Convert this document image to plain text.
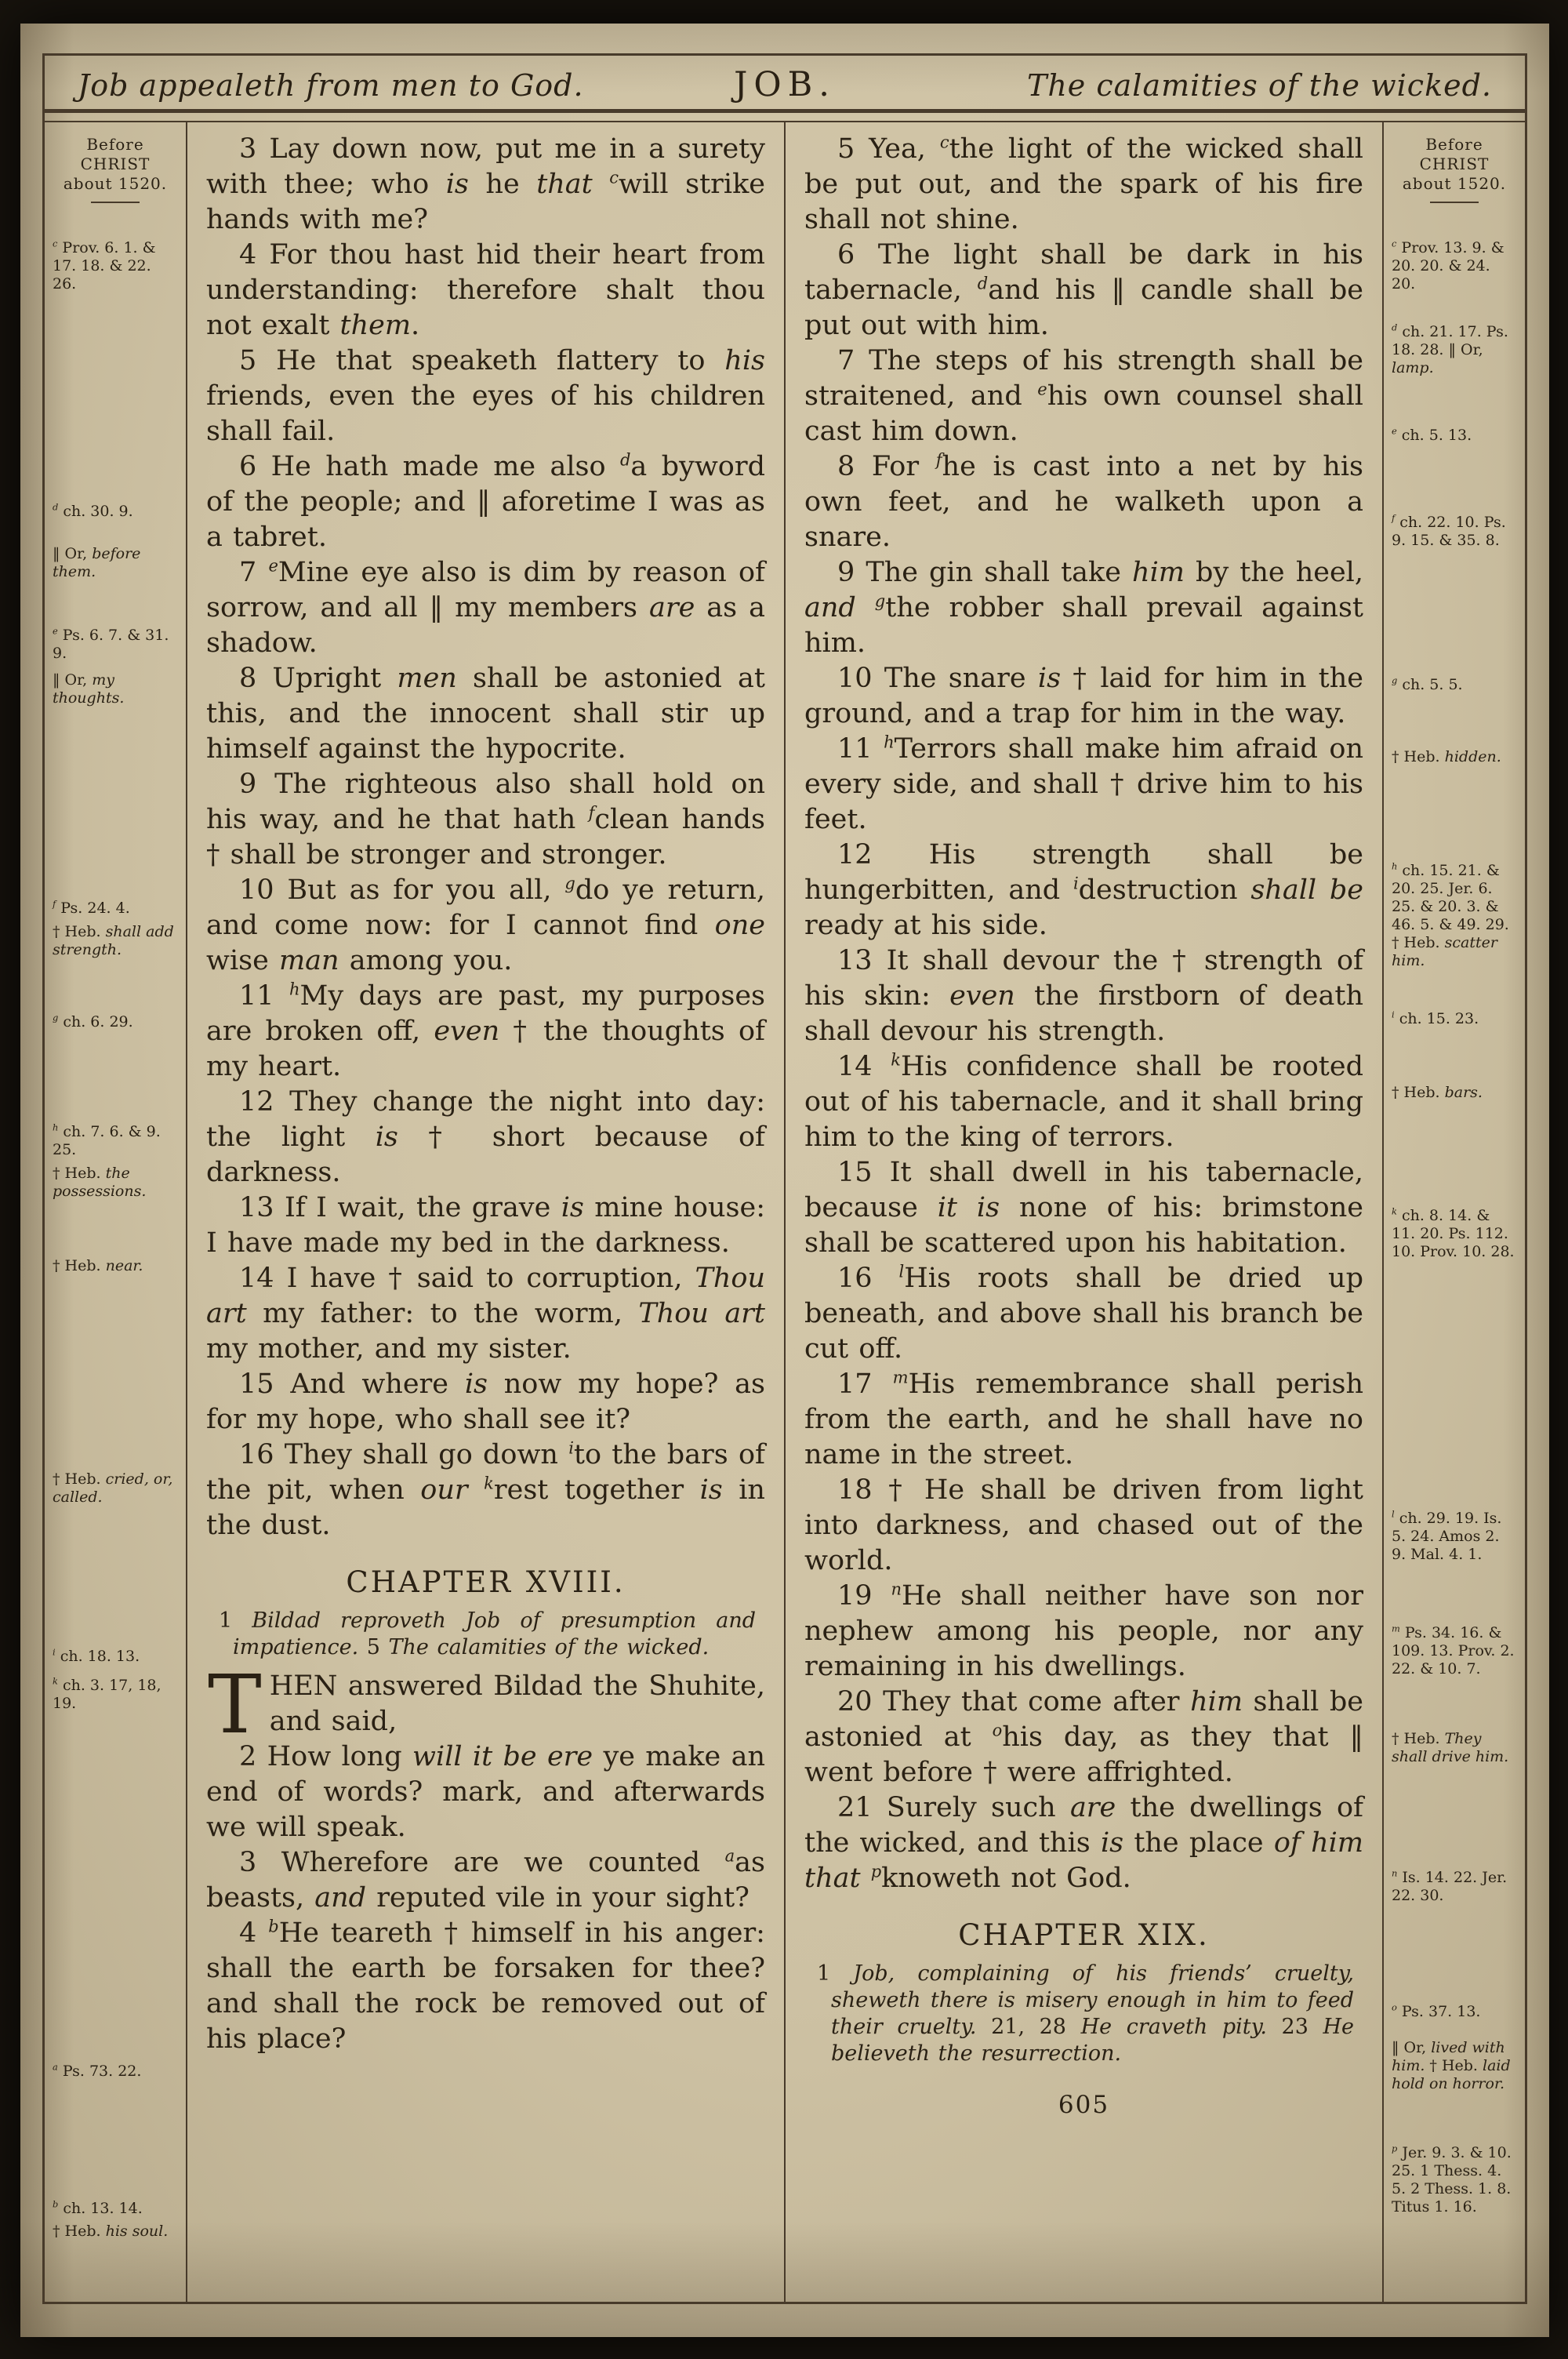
Job appealeth from men to God.	JOB.	The calamities of the wicked.
Before
CHRIST
about 1520.
$^c$ Prov. 6. 1. & 17. 18. & 22. 26.
$^d$ ch. 30. 9.
‖ Or, before them.
$^e$ Ps. 6. 7. & 31. 9.
‖ Or, my thoughts.
$^f$ Ps. 24. 4.
† Heb. shall add strength.
$^g$ ch. 6. 29.
$^h$ ch. 7. 6. & 9. 25.
† Heb. the possessions.
† Heb. near.
† Heb. cried, or, called.
$^i$ ch. 18. 13.
$^k$ ch. 3. 17, 18, 19.
$^a$ Ps. 73. 22.
$^b$ ch. 13. 14.
† Heb. his soul.

3 Lay down now, put me in a surety with thee; who is he that $^c$will strike hands with me?

4 For thou hast hid their heart from understanding: therefore shalt thou not exalt them.

5 He that speaketh flattery to his friends, even the eyes of his children shall fail.

6 He hath made me also $^d$a byword of the people; and ‖ aforetime I was as a tabret.

7 $^e$Mine eye also is dim by reason of sorrow, and all ‖ my members are as a shadow.

8 Upright men shall be astonied at this, and the innocent shall stir up himself against the hypocrite.

9 The righteous also shall hold on his way, and he that hath $^f$clean hands † shall be stronger and stronger.

10 But as for you all, $^g$do ye return, and come now: for I cannot find one wise man among you.

11 $^h$My days are past, my purposes are broken off, even † the thoughts of my heart.

12 They change the night into day: the light is † short because of darkness.

13 If I wait, the grave is mine house: I have made my bed in the darkness.

14 I have † said to corruption, Thou art my father: to the worm, Thou art my mother, and my sister.

15 And where is now my hope? as for my hope, who shall see it?

16 They shall go down $^i$to the bars of the pit, when our $^k$rest together is in the dust.

CHAPTER XVIII.

1 Bildad reproveth Job of presumption and impatience. 5 The calamities of the wicked.

THEN answered Bildad the Shuhite, and said,

2 How long will it be ere ye make an end of words? mark, and afterwards we will speak.

3 Wherefore are we counted $^a$as beasts, and reputed vile in your sight?

4 $^b$He teareth † himself in his anger: shall the earth be forsaken for thee? and shall the rock be removed out of his place?

5 Yea, $^c$the light of the wicked shall be put out, and the spark of his fire shall not shine.

6 The light shall be dark in his tabernacle, $^d$and his ‖ candle shall be put out with him.

7 The steps of his strength shall be straitened, and $^e$his own counsel shall cast him down.

8 For $^f$he is cast into a net by his own feet, and he walketh upon a snare.

9 The gin shall take him by the heel, and $^g$the robber shall prevail against him.

10 The snare is † laid for him in the ground, and a trap for him in the way.

11 $^h$Terrors shall make him afraid on every side, and shall † drive him to his feet.

12 His strength shall be hungerbitten, and $^i$destruction shall be ready at his side.

13 It shall devour the † strength of his skin: even the firstborn of death shall devour his strength.

14 $^k$His confidence shall be rooted out of his tabernacle, and it shall bring him to the king of terrors.

15 It shall dwell in his tabernacle, because it is none of his: brimstone shall be scattered upon his habitation.

16 $^l$His roots shall be dried up beneath, and above shall his branch be cut off.

17 $^m$His remembrance shall perish from the earth, and he shall have no name in the street.

18 † He shall be driven from light into darkness, and chased out of the world.

19 $^n$He shall neither have son nor nephew among his people, nor any remaining in his dwellings.

20 They that come after him shall be astonied at $^o$his day, as they that ‖ went before † were affrighted.

21 Surely such are the dwellings of the wicked, and this is the place of him that $^p$knoweth not God.

CHAPTER XIX.

1 Job, complaining of his friends’ cruelty, sheweth there is misery enough in him to feed their cruelty. 21, 28 He craveth pity. 23 He believeth the resurrection.

605
Before
CHRIST
about 1520.
$^c$ Prov. 13. 9. & 20. 20. & 24. 20.
$^d$ ch. 21. 17. Ps. 18. 28. ‖ Or, lamp.
$^e$ ch. 5. 13.
$^f$ ch. 22. 10. Ps. 9. 15. & 35. 8.
$^g$ ch. 5. 5.
† Heb. hidden.
$^h$ ch. 15. 21. & 20. 25. Jer. 6. 25. & 20. 3. & 46. 5. & 49. 29. † Heb. scatter him.
$^i$ ch. 15. 23.
† Heb. bars.
$^k$ ch. 8. 14. & 11. 20. Ps. 112. 10. Prov. 10. 28.
$^l$ ch. 29. 19. Is. 5. 24. Amos 2. 9. Mal. 4. 1.
$^m$ Ps. 34. 16. & 109. 13. Prov. 2. 22. & 10. 7.
† Heb. They shall drive him.
$^n$ Is. 14. 22. Jer. 22. 30.
$^o$ Ps. 37. 13.
‖ Or, lived with him. † Heb. laid hold on horror.
$^p$ Jer. 9. 3. & 10. 25. 1 Thess. 4. 5. 2 Thess. 1. 8. Titus 1. 16.
